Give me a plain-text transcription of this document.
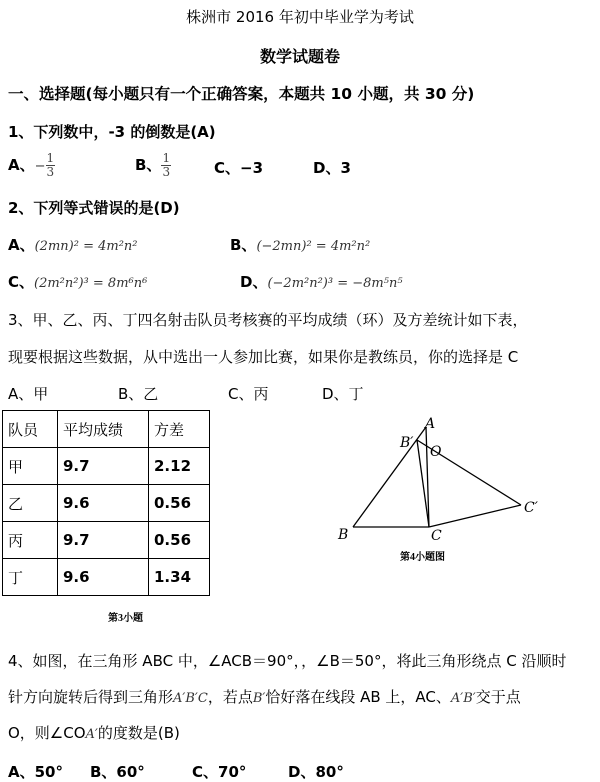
株洲市 2016 年初中毕业学为考试
数学试题卷
一、选择题(每小题只有一个正确答案，本题共 10 小题，共 30 分)
1、下列数中，-3 的倒数是(A)
A、− $\frac{1}{3}$	B、 $\frac{1}{3}$	C、−3	D、3
2、下列等式错误的是(D)
A、(2mn)² = 4m²n²	B、(−2mn)² = 4m²n²
C、(2m²n²)³ = 8m⁶n⁶	D、(−2m²n²)³ = −8m⁵n⁵
3、甲、乙、丙、丁四名射击队员考核赛的平均成绩（环）及方差统计如下表，
现要根据这些数据，从中选出一人参加比赛，如果你是教练员，你的选择是 C
A、甲	B、乙	C、丙	D、丁
队员	平均成绩	方差
甲	9.7	2.12
乙	9.6	0.56
丙	9.7	0.56
丁	9.6	1.34
第3小题
A
B′
O
C′
B	C
第4小题图
4、如图，在三角形 ABC 中，∠ACB＝90°，，∠B＝50°，将此三角形绕点 C 沿顺时
针方向旋转后得到三角形A′B′C，若点B′恰好落在线段 AB 上，AC、A′B′交于点
O，则∠COA′的度数是(B)
A、50° B、60°	C、70°	D、80°
